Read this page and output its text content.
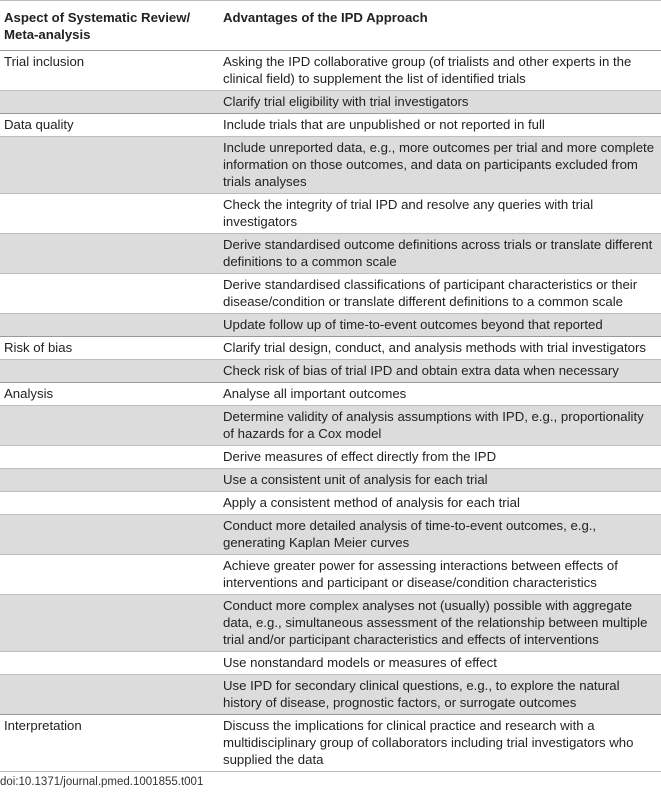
Aspect of Systematic Review/ Meta-analysis	Advantages of the IPD Approach
Trial inclusion	Asking the IPD collaborative group (of trialists and other experts in the clinical field) to supplement the list of identified trials
	Clarify trial eligibility with trial investigators
Data quality	Include trials that are unpublished or not reported in full
	Include unreported data, e.g., more outcomes per trial and more complete information on those outcomes, and data on participants excluded from trials analyses
	Check the integrity of trial IPD and resolve any queries with trial investigators
	Derive standardised outcome definitions across trials or translate different definitions to a common scale
	Derive standardised classifications of participant characteristics or their disease/condition or translate different definitions to a common scale
	Update follow up of time-to-event outcomes beyond that reported
Risk of bias	Clarify trial design, conduct, and analysis methods with trial investigators
	Check risk of bias of trial IPD and obtain extra data when necessary
Analysis	Analyse all important outcomes
	Determine validity of analysis assumptions with IPD, e.g., proportionality of hazards for a Cox model
	Derive measures of effect directly from the IPD
	Use a consistent unit of analysis for each trial
	Apply a consistent method of analysis for each trial
	Conduct more detailed analysis of time-to-event outcomes, e.g., generating Kaplan Meier curves
	Achieve greater power for assessing interactions between effects of interventions and participant or disease/condition characteristics
	Conduct more complex analyses not (usually) possible with aggregate data, e.g., simultaneous assessment of the relationship between multiple trial and/or participant characteristics and effects of interventions
	Use nonstandard models or measures of effect
	Use IPD for secondary clinical questions, e.g., to explore the natural history of disease, prognostic factors, or surrogate outcomes
Interpretation	Discuss the implications for clinical practice and research with a multidisciplinary group of collaborators including trial investigators who supplied the data
doi:10.1371/journal.pmed.1001855.t001
